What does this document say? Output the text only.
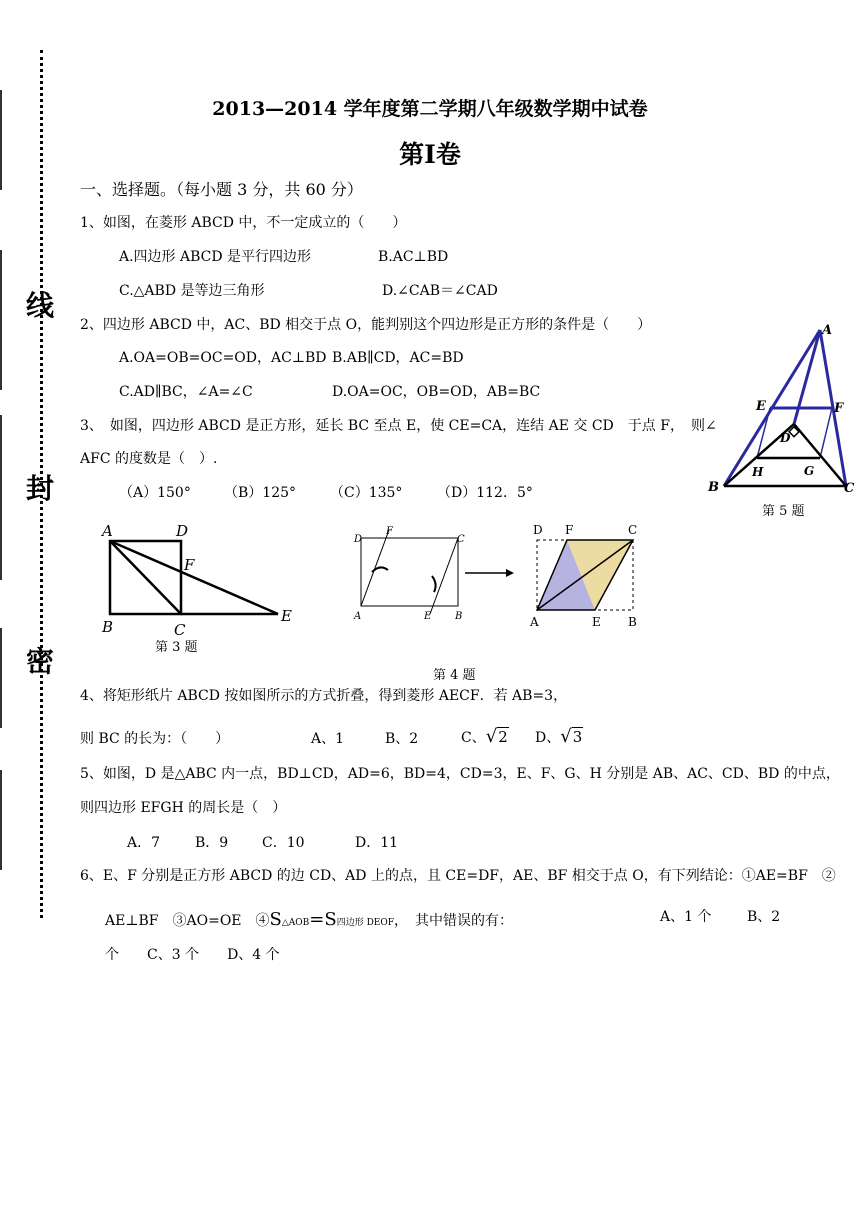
线
封
密
2013—2014 学年度第二学期八年级数学期中试卷
第Ⅰ卷
一、选择题。（每小题 3 分，共 60 分）
1、如图，在菱形 ABCD 中，不一定成立的（　　）
A.四边形 ABCD 是平行四边形	B.AC⊥BD
C.△ABD 是等边三角形	D.∠CAB＝∠CAD
2、四边形 ABCD 中，AC、BD 相交于点 O，能判别这个四边形是正方形的条件是（　　）
A.OA=OB=OC=OD，AC⊥BD B.AB∥CD，AC=BD
C.AD∥BC，∠A=∠C	D.OA=OC，OB=OD，AB=BC
3、　如图，四边形 ABCD 是正方形，延长 BC 至点 E，使 CE=CA，连结 AE 交 CD　于点 F，　则∠
AFC 的度数是（　）.
（A）150° （B）125° （C）135° （D）112．5°
A
E	F
D
H	G
B	C
第 5 题
A	D
F
B	C
E
第 3 题
D
F
C
A	E B
D F	C
A	E B
第 4 题
4、将矩形纸片 ABCD 按如图所示的方式折叠，得到菱形 AECF．若 AB=3，
则 BC 的长为：（　　）	A、1	B、2	C、√2 D、√3
5、如图，D 是△ABC 内一点，BD⊥CD，AD=6，BD=4，CD=3，E、F、G、H 分别是 AB、AC、CD、BD 的中点，
则四边形 EFGH 的周长是（　）
A．7 B．9 C．10	D．11
6、E、F 分别是正方形 ABCD 的边 CD、AD 上的点，且 CE=DF，AE、BF 相交于点 O，有下列结论：①AE=BF　②
AE⊥BF　③AO=OE　④S△AOB=S四边形 DEOF，　其中错误的有：	A、1 个	B、2
个　　C、3 个　　D、4 个
